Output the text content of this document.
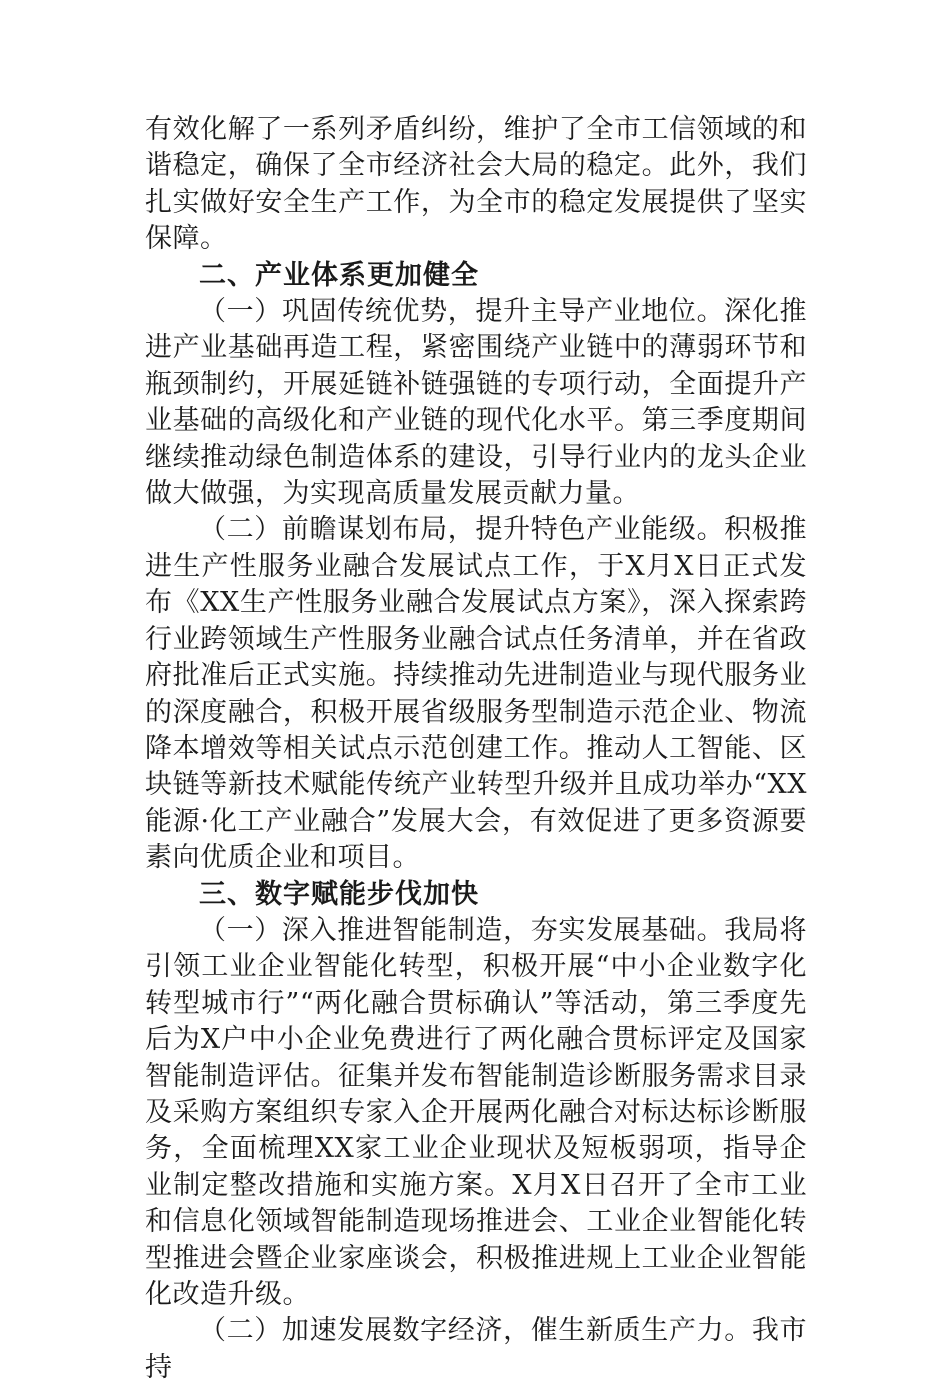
有效化解了一系列矛盾纠纷，维护了全市工信领域的和谐稳定，确保了全市经济社会大局的稳定。此外，我们扎实做好安全生产工作，为全市的稳定发展提供了坚实保障。

二、产业体系更加健全

（一）巩固传统优势，提升主导产业地位。深化推进产业基础再造工程，紧密围绕产业链中的薄弱环节和瓶颈制约，开展延链补链强链的专项行动，全面提升产业基础的高级化和产业链的现代化水平。第三季度期间继续推动绿色制造体系的建设，引导行业内的龙头企业做大做强，为实现高质量发展贡献力量。

（二）前瞻谋划布局，提升特色产业能级。积极推进生产性服务业融合发展试点工作，于X月X日正式发布《XX生产性服务业融合发展试点方案》，深入探索跨行业跨领域生产性服务业融合试点任务清单，并在省政府批准后正式实施。持续推动先进制造业与现代服务业的深度融合，积极开展省级服务型制造示范企业、物流降本增效等相关试点示范创建工作。推动人工智能、区块链等新技术赋能传统产业转型升级并且成功举办“XX能源·化工产业融合”发展大会，有效促进了更多资源要素向优质企业和项目。

三、数字赋能步伐加快

（一）深入推进智能制造，夯实发展基础。我局将引领工业企业智能化转型，积极开展“中小企业数字化转型城市行”“两化融合贯标确认”等活动，第三季度先后为X户中小企业免费进行了两化融合贯标评定及国家智能制造评估。征集并发布智能制造诊断服务需求目录及采购方案组织专家入企开展两化融合对标达标诊断服务，全面梳理XX家工业企业现状及短板弱项，指导企业制定整改措施和实施方案。X月X日召开了全市工业和信息化领域智能制造现场推进会、工业企业智能化转型推进会暨企业家座谈会，积极推进规上工业企业智能化改造升级。

（二）加速发展数字经济，催生新质生产力。我市持
